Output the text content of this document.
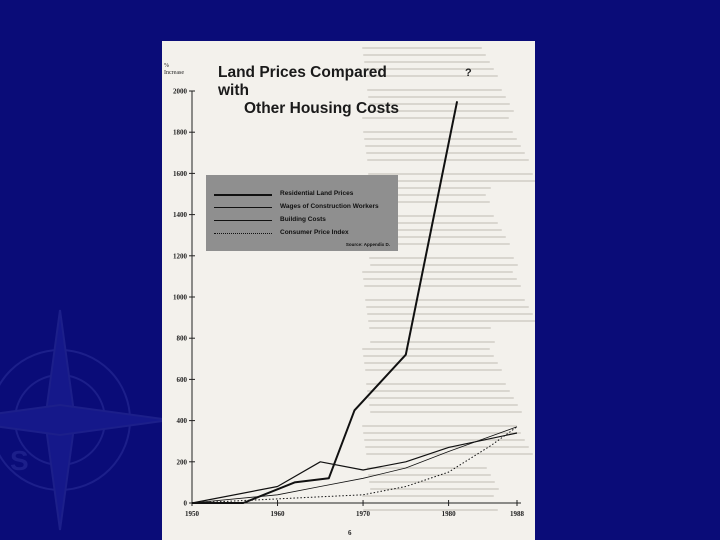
S
0
200
400
600
800
1000
1200
1400
1600
1800
2000
1950	1960	1970	1980	1988
%
Increase Land Prices Compared with
Other Housing Costs
?
Residential Land Prices
Wages of Construction Workers
Building Costs
Consumer Price Index
Source: Appendix D.
6
